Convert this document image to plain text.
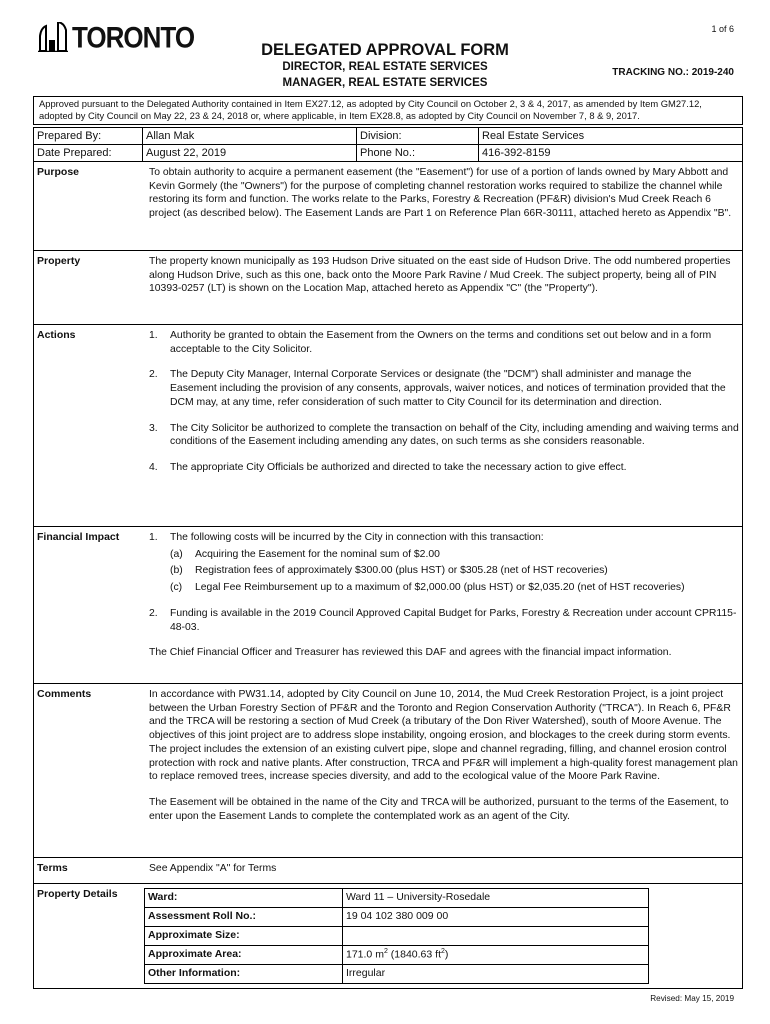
1 of 6
TORONTO	DELEGATED APPROVAL FORM
DIRECTOR, REAL ESTATE SERVICES
MANAGER, REAL ESTATE SERVICES
TRACKING NO.: 2019-240
Approved pursuant to the Delegated Authority contained in Item EX27.12, as adopted by City Council on October 2, 3 & 4, 2017, as amended by Item GM27.12, adopted by City Council on May 22, 23 & 24, 2018 or, where applicable, in Item EX28.8, as adopted by City Council on November 7, 8 & 9, 2017.
Prepared By:	Allan Mak	Division:	Real Estate Services
Date Prepared:	August 22, 2019	Phone No.:	416-392-8159
Purpose	To obtain authority to acquire a permanent easement (the "Easement") for use of a portion of lands owned by Mary Abbott and Kevin Gormely (the "Owners") for the purpose of completing channel restoration works required to stabilize the channel while restoring its form and function. The works relate to the Parks, Forestry & Recreation (PF&R) division's Mud Creek Reach 6 project (as described below). The Easement Lands are Part 1 on Reference Plan 66R-30111, attached hereto as Appendix "B".
Property	The property known municipally as 193 Hudson Drive situated on the east side of Hudson Drive. The odd numbered properties along Hudson Drive, such as this one, back onto the Moore Park Ravine / Mud Creek. The subject property, being all of PIN 10393-0257 (LT) is shown on the Location Map, attached hereto as Appendix "C" (the "Property").
Actions	1.	Authority be granted to obtain the Easement from the Owners on the terms and conditions set out below and in a form acceptable to the City Solicitor.
2.	The Deputy City Manager, Internal Corporate Services or designate (the "DCM") shall administer and manage the Easement including the provision of any consents, approvals, waiver notices, and notices of termination provided that the DCM may, at any time, refer consideration of such matter to City Council for its determination and direction.
3.	The City Solicitor be authorized to complete the transaction on behalf of the City, including amending and waiving terms and conditions of the Easement including amending any dates, on such terms as she considers reasonable.
4.	The appropriate City Officials be authorized and directed to take the necessary action to give effect.
Financial Impact	1.	The following costs will be incurred by the City in connection with this transaction:
(a)	Acquiring the Easement for the nominal sum of $2.00
(b)	Registration fees of approximately $300.00 (plus HST) or $305.28 (net of HST recoveries)
(c)	Legal Fee Reimbursement up to a maximum of $2,000.00 (plus HST) or $2,035.20 (net of HST recoveries)
2.	Funding is available in the 2019 Council Approved Capital Budget for Parks, Forestry & Recreation under account CPR115-48-03.

The Chief Financial Officer and Treasurer has reviewed this DAF and agrees with the financial impact information.

Comments	In accordance with PW31.14, adopted by City Council on June 10, 2014, the Mud Creek Restoration Project, is a joint project between the Urban Forestry Section of PF&R and the Toronto and Region Conservation Authority ("TRCA"). In Reach 6, PF&R and the TRCA will be restoring a section of Mud Creek (a tributary of the Don River Watershed), south of Moore Avenue. The objectives of this joint project are to address slope instability, ongoing erosion, and blockages to the creek during storm events. The project includes the extension of an existing culvert pipe, slope and channel regrading, filling, and channel erosion control protection with rock and native plants. After construction, TRCA and PF&R will implement a high-quality forest management plan to replace removed trees, increase species diversity, and add to the ecological value of the Moore Park Ravine.

The Easement will be obtained in the name of the City and TRCA will be authorized, pursuant to the terms of the Easement, to enter upon the Easement Lands to complete the contemplated work as an agent of the City.

Terms	See Appendix "A" for Terms
Property Details	Ward:	Ward 11 – University-Rosedale
Assessment Roll No.:	19 04 102 380 009 00
Approximate Size:	
Approximate Area:	171.0 $m^2$ (1840.63 $ft^2$)
Other Information:	Irregular
Revised: May 15, 2019
